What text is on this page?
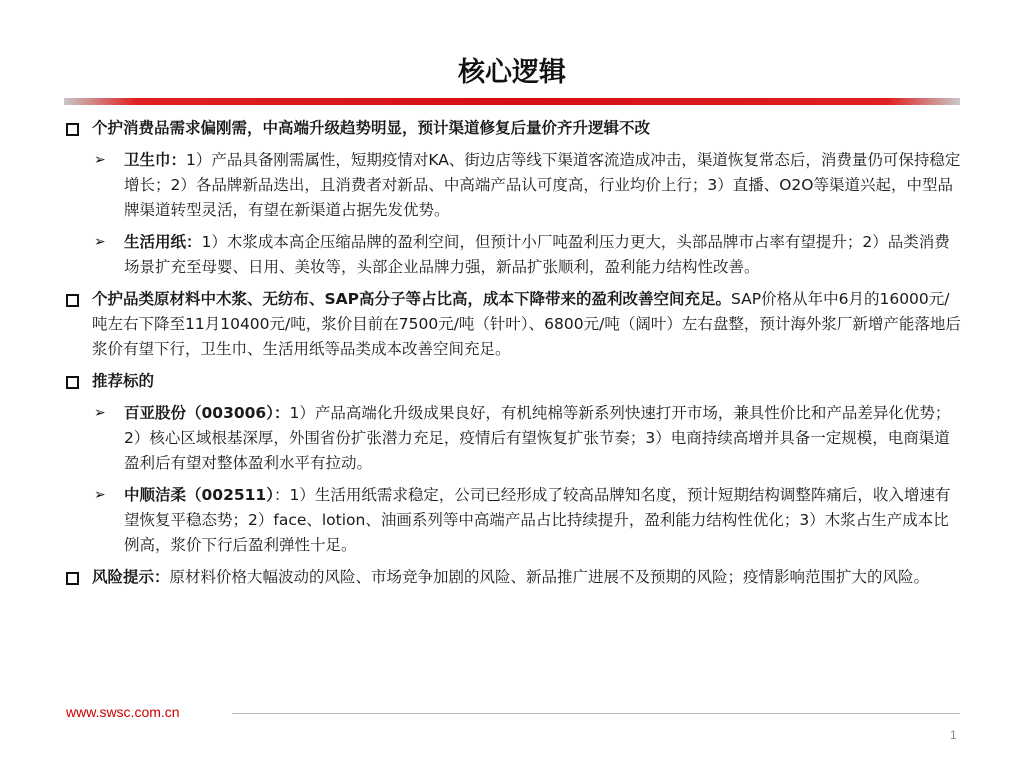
核心逻辑
个护消费品需求偏刚需，中高端升级趋势明显，预计渠道修复后量价齐升逻辑不改
➢ 卫生巾：1）产品具备刚需属性，短期疫情对KA、街边店等线下渠道客流造成冲击，渠道恢复常态后，消费量仍可保持稳定增长；2）各品牌新品迭出，且消费者对新品、中高端产品认可度高，行业均价上行；3）直播、O2O等渠道兴起，中型品牌渠道转型灵活，有望在新渠道占据先发优势。
➢ 生活用纸：1）木浆成本高企压缩品牌的盈利空间，但预计小厂吨盈利压力更大，头部品牌市占率有望提升；2）品类消费场景扩充至母婴、日用、美妆等，头部企业品牌力强，新品扩张顺利，盈利能力结构性改善。
个护品类原材料中木浆、无纺布、SAP高分子等占比高，成本下降带来的盈利改善空间充足。SAP价格从年中6月的16000元/吨左右下降至11月10400元/吨，浆价目前在7500元/吨（针叶）、6800元/吨（阔叶）左右盘整，预计海外浆厂新增产能落地后浆价有望下行，卫生巾、生活用纸等品类成本改善空间充足。
推荐标的
➢ 百亚股份（003006）：1）产品高端化升级成果良好，有机纯棉等新系列快速打开市场，兼具性价比和产品差异化优势；2）核心区域根基深厚，外围省份扩张潜力充足，疫情后有望恢复扩张节奏；3）电商持续高增并具备一定规模，电商渠道盈利后有望对整体盈利水平有拉动。
➢ 中顺洁柔（002511）：1）生活用纸需求稳定，公司已经形成了较高品牌知名度，预计短期结构调整阵痛后，收入增速有望恢复平稳态势；2）face、lotion、油画系列等中高端产品占比持续提升，盈利能力结构性优化；3）木浆占生产成本比例高，浆价下行后盈利弹性十足。
风险提示：原材料价格大幅波动的风险、市场竞争加剧的风险、新品推广进展不及预期的风险；疫情影响范围扩大的风险。
www.swsc.com.cn
1
